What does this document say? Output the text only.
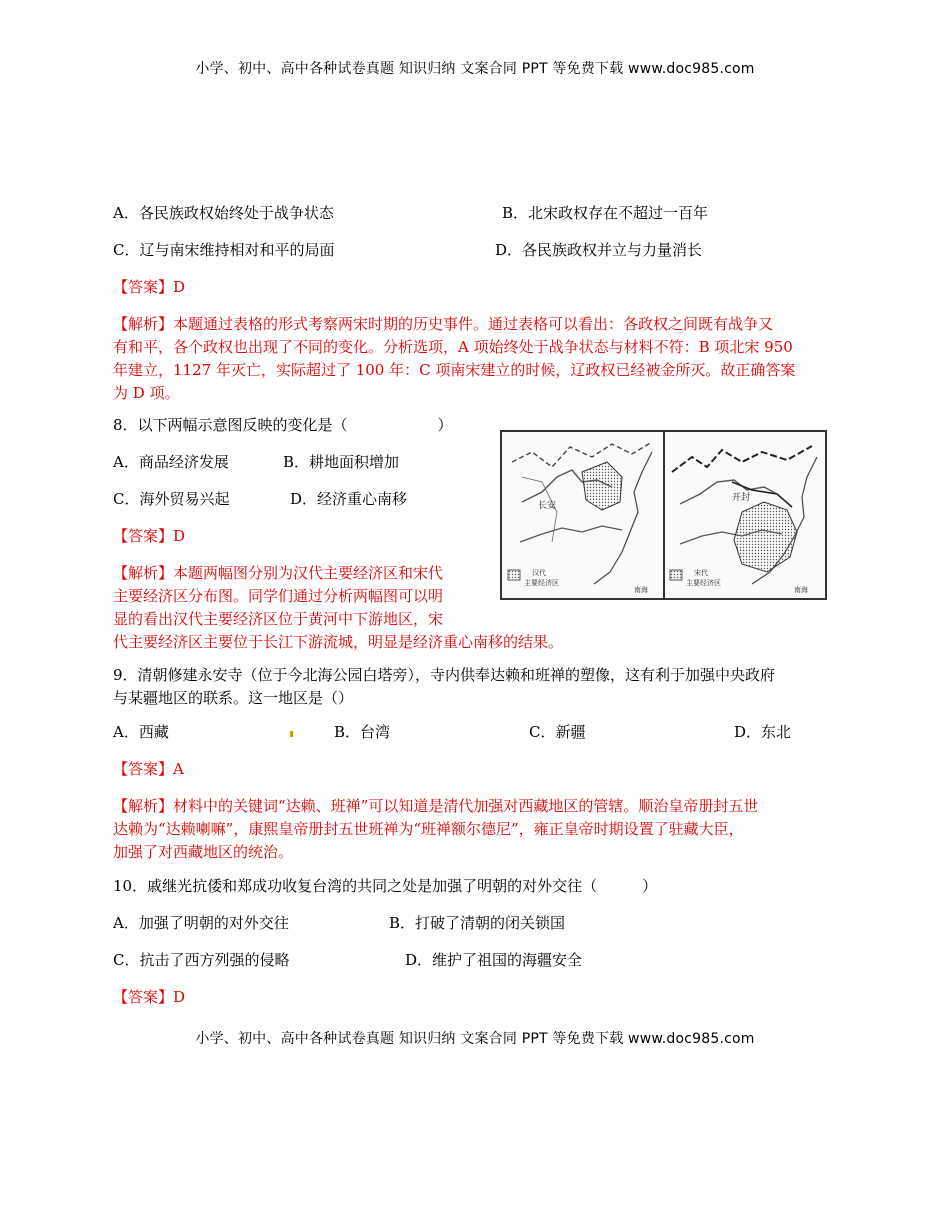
小学、初中、高中各种试卷真题 知识归纳 文案合同 PPT 等免费下载 www.doc985.com
A．各民族政权始终处于战争状态	B．北宋政权存在不超过一百年
C．辽与南宋维持相对和平的局面	D．各民族政权并立与力量消长
【答案】D
【解析】本题通过表格的形式考察两宋时期的历史事件。通过表格可以看出：各政权之间既有战争又
有和平，各个政权也出现了不同的变化。分析选项，A 项始终处于战争状态与材料不符：B 项北宋 950
年建立，1127 年灭亡，实际超过了 100 年：C 项南宋建立的时候，辽政权已经被金所灭。故正确答案
为 D 项。
8．以下两幅示意图反映的变化是（　　　　　　）
A．商品经济发展	B．耕地面积增加
C．海外贸易兴起	D．经济重心南移
【答案】D
【解析】本题两幅图分别为汉代主要经济区和宋代
主要经济区分布图。同学们通过分析两幅图可以明
显的看出汉代主要经济区位于黄河中下游地区，宋
代主要经济区主要位于长江下游流城，明显是经济重心南移的结果。
长安
汉代
主要经济区
南海
开封
宋代
主要经济区
南海
9．清朝修建永安寺（位于今北海公园白塔旁），寺内供奉达赖和班禅的塑像，这有利于加强中央政府
与某疆地区的联系。这一地区是（）
A．西藏	B．台湾	C．新疆	D．东北
【答案】A
【解析】材料中的关键词“达赖、班禅”可以知道是清代加强对西藏地区的管辖。顺治皇帝册封五世
达赖为“达赖喇嘛”，康熙皇帝册封五世班禅为“班禅额尔德尼”，雍正皇帝时期设置了驻藏大臣，
加强了对西藏地区的统治。
10．戚继光抗倭和郑成功收复台湾的共同之处是加强了明朝的对外交往（　　　）
A．加强了明朝的对外交往	B．打破了清朝的闭关锁国
C．抗击了西方列强的侵略	D．维护了祖国的海疆安全
【答案】D
小学、初中、高中各种试卷真题 知识归纳 文案合同 PPT 等免费下载 www.doc985.com
